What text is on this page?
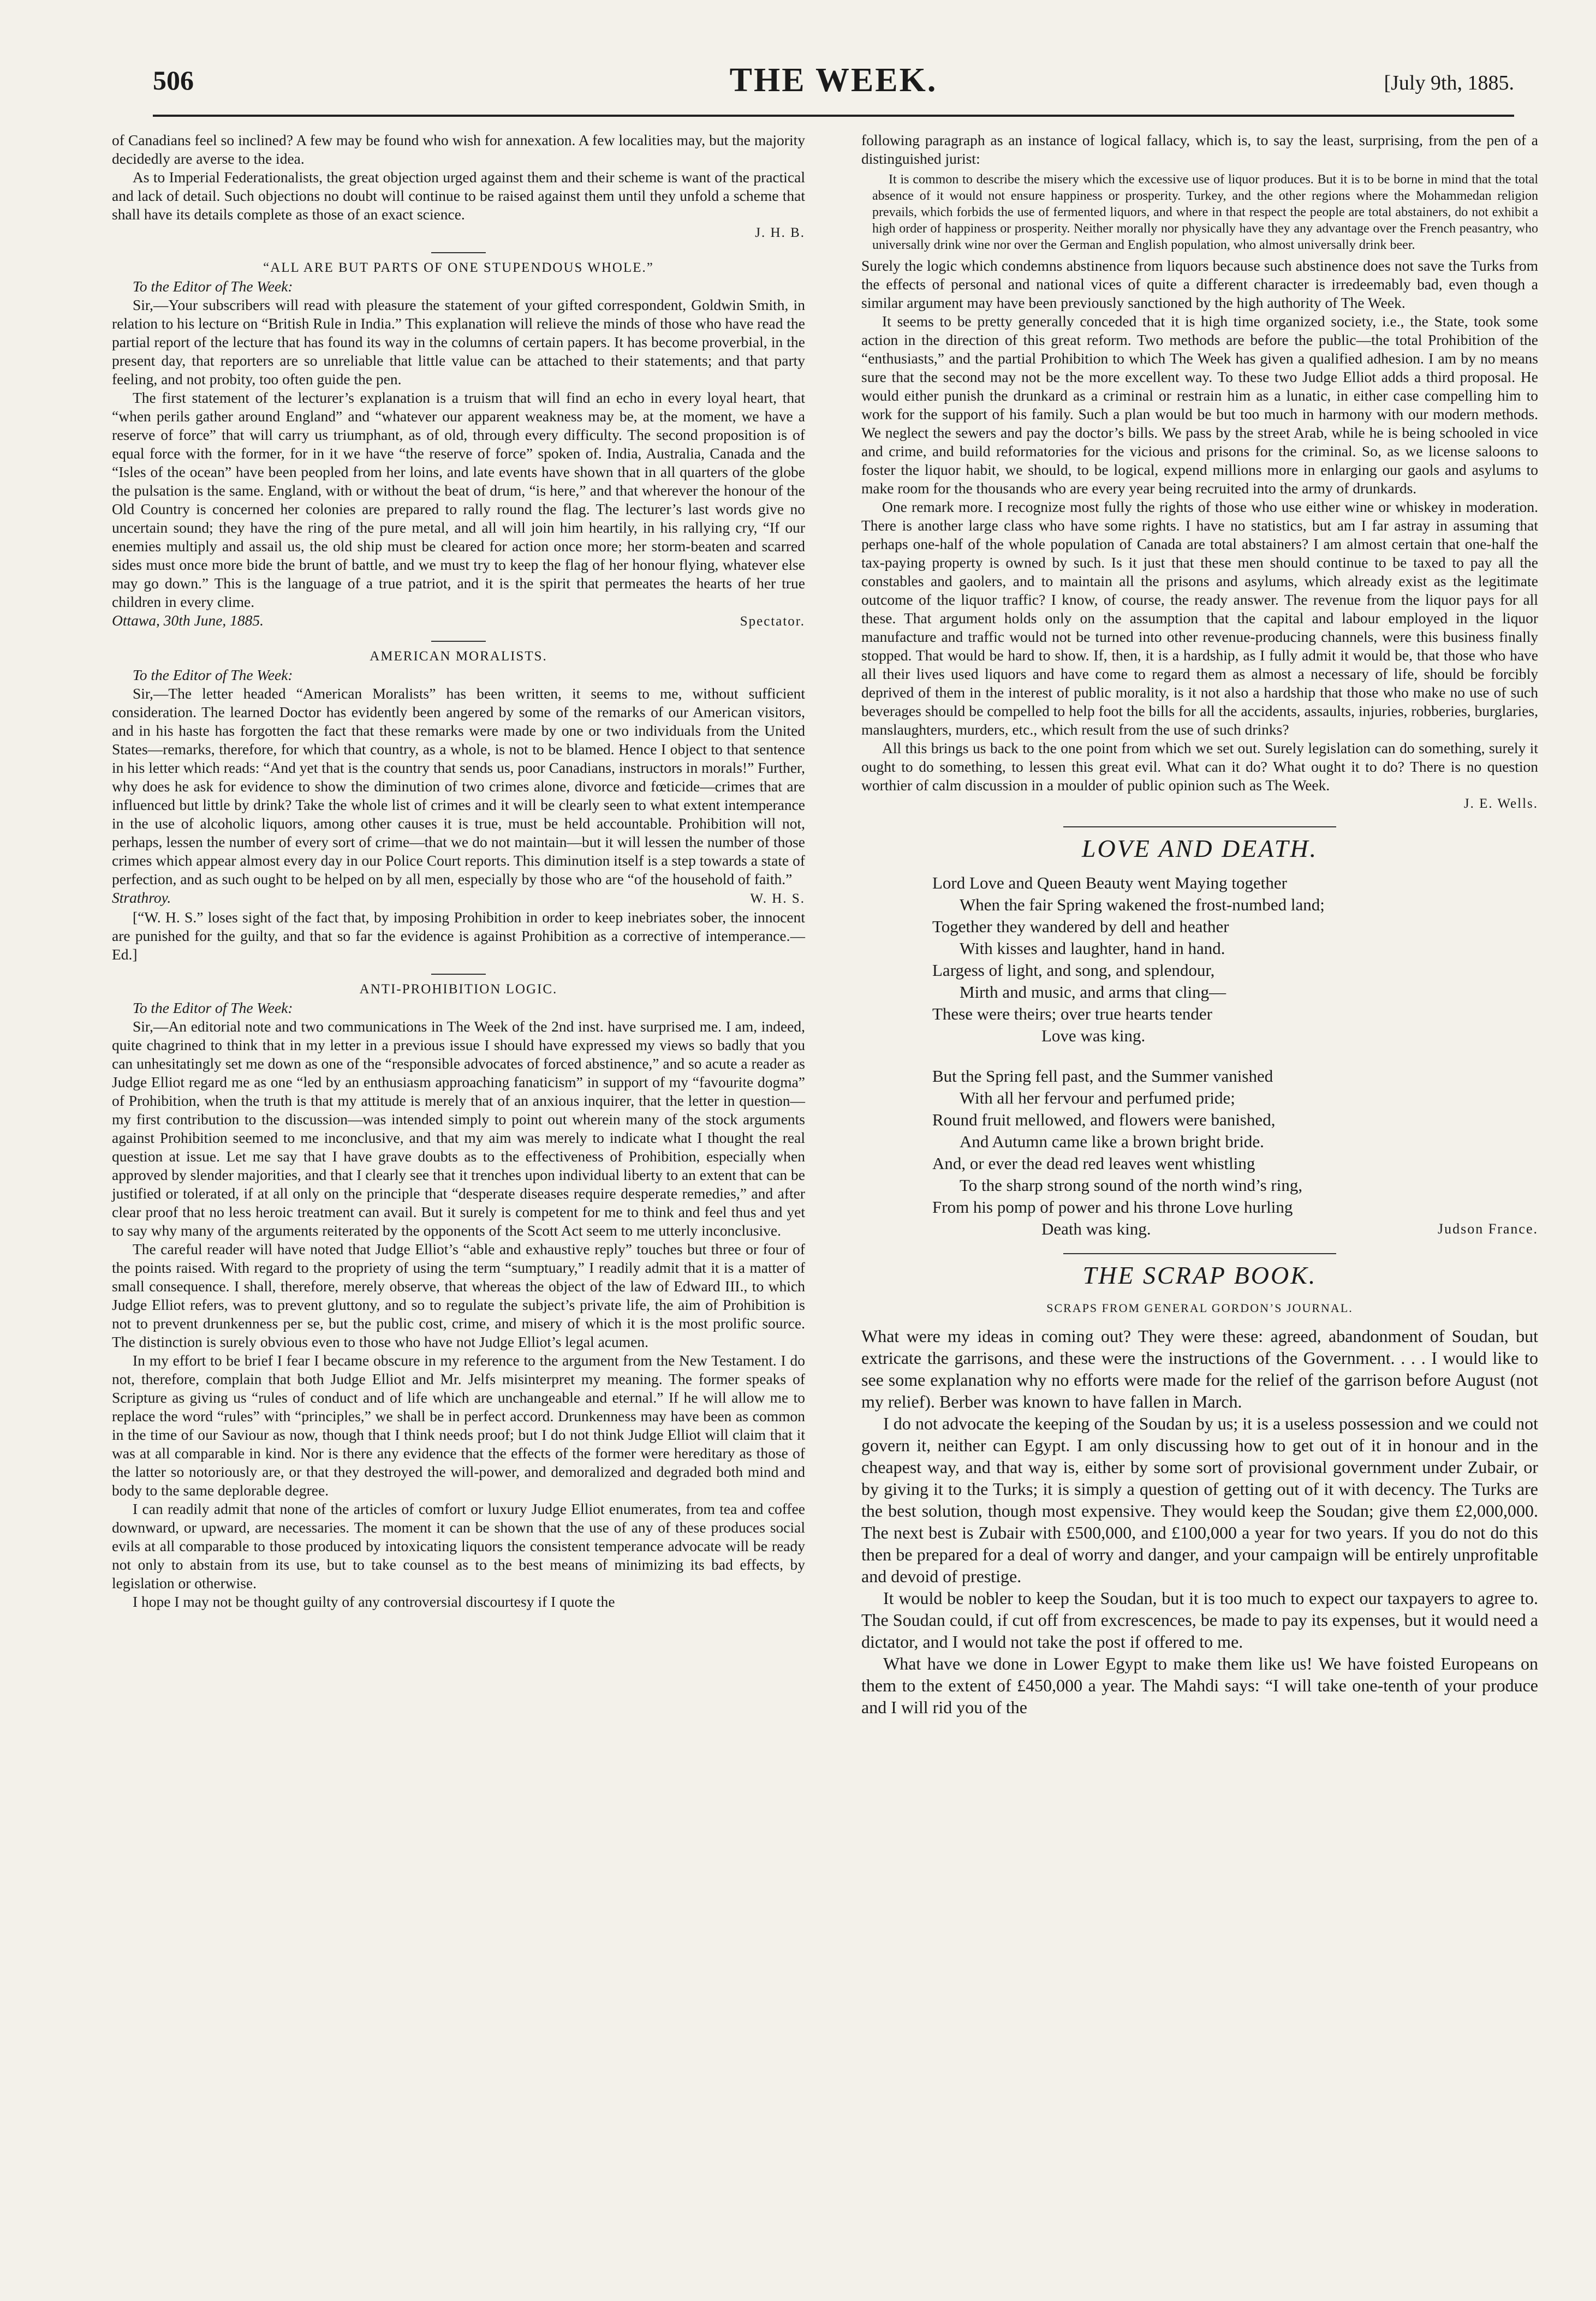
506	THE WEEK.	[July 9th, 1885.

of Canadians feel so inclined? A few may be found who wish for annexation. A few localities may, but the majority decidedly are averse to the idea.

As to Imperial Federationalists, the great objection urged against them and their scheme is want of the practical and lack of detail. Such objections no doubt will continue to be raised against them until they unfold a scheme that shall have its details complete as those of an exact science.

J. H. B.

“ALL ARE BUT PARTS OF ONE STUPENDOUS WHOLE.”

To the Editor of The Week:

Sir,—Your subscribers will read with pleasure the statement of your gifted correspondent, Goldwin Smith, in relation to his lecture on “British Rule in India.” This explanation will relieve the minds of those who have read the partial report of the lecture that has found its way in the columns of certain papers. It has become proverbial, in the present day, that reporters are so unreliable that little value can be attached to their statements; and that party feeling, and not probity, too often guide the pen.

The first statement of the lecturer’s explanation is a truism that will find an echo in every loyal heart, that “when perils gather around England” and “whatever our apparent weakness may be, at the moment, we have a reserve of force” that will carry us triumphant, as of old, through every difficulty. The second proposition is of equal force with the former, for in it we have “the reserve of force” spoken of. India, Australia, Canada and the “Isles of the ocean” have been peopled from her loins, and late events have shown that in all quarters of the globe the pulsation is the same. England, with or without the beat of drum, “is here,” and that wherever the honour of the Old Country is concerned her colonies are prepared to rally round the flag. The lecturer’s last words give no uncertain sound; they have the ring of the pure metal, and all will join him heartily, in his rallying cry, “If our enemies multiply and assail us, the old ship must be cleared for action once more; her storm-beaten and scarred sides must once more bide the brunt of battle, and we must try to keep the flag of her honour flying, whatever else may go down.” This is the language of a true patriot, and it is the spirit that permeates the hearts of her true children in every clime.

Ottawa, 30th June, 1885.	Spectator.

AMERICAN MORALISTS.

To the Editor of The Week:

Sir,—The letter headed “American Moralists” has been written, it seems to me, without sufficient consideration. The learned Doctor has evidently been angered by some of the remarks of our American visitors, and in his haste has forgotten the fact that these remarks were made by one or two individuals from the United States—remarks, therefore, for which that country, as a whole, is not to be blamed. Hence I object to that sentence in his letter which reads: “And yet that is the country that sends us, poor Canadians, instructors in morals!” Further, why does he ask for evidence to show the diminution of two crimes alone, divorce and fœticide—crimes that are influenced but little by drink? Take the whole list of crimes and it will be clearly seen to what extent intemperance in the use of alcoholic liquors, among other causes it is true, must be held accountable. Prohibition will not, perhaps, lessen the number of every sort of crime—that we do not maintain—but it will lessen the number of those crimes which appear almost every day in our Police Court reports. This diminution itself is a step towards a state of perfection, and as such ought to be helped on by all men, especially by those who are “of the household of faith.”

Strathroy.	W. H. S.

[“W. H. S.” loses sight of the fact that, by imposing Prohibition in order to keep inebriates sober, the innocent are punished for the guilty, and that so far the evidence is against Prohibition as a corrective of intemperance.—Ed.]

ANTI-PROHIBITION LOGIC.

To the Editor of The Week:

Sir,—An editorial note and two communications in The Week of the 2nd inst. have surprised me. I am, indeed, quite chagrined to think that in my letter in a previous issue I should have expressed my views so badly that you can unhesitatingly set me down as one of the “responsible advocates of forced abstinence,” and so acute a reader as Judge Elliot regard me as one “led by an enthusiasm approaching fanaticism” in support of my “favourite dogma” of Prohibition, when the truth is that my attitude is merely that of an anxious inquirer, that the letter in question—my first contribution to the discussion—was intended simply to point out wherein many of the stock arguments against Prohibition seemed to me inconclusive, and that my aim was merely to indicate what I thought the real question at issue. Let me say that I have grave doubts as to the effectiveness of Prohibition, especially when approved by slender majorities, and that I clearly see that it trenches upon individual liberty to an extent that can be justified or tolerated, if at all only on the principle that “desperate diseases require desperate remedies,” and after clear proof that no less heroic treatment can avail. But it surely is competent for me to think and feel thus and yet to say why many of the arguments reiterated by the opponents of the Scott Act seem to me utterly inconclusive.

The careful reader will have noted that Judge Elliot’s “able and exhaustive reply” touches but three or four of the points raised. With regard to the propriety of using the term “sumptuary,” I readily admit that it is a matter of small consequence. I shall, therefore, merely observe, that whereas the object of the law of Edward III., to which Judge Elliot refers, was to prevent gluttony, and so to regulate the subject’s private life, the aim of Prohibition is not to prevent drunkenness per se, but the public cost, crime, and misery of which it is the most prolific source. The distinction is surely obvious even to those who have not Judge Elliot’s legal acumen.

In my effort to be brief I fear I became obscure in my reference to the argument from the New Testament. I do not, therefore, complain that both Judge Elliot and Mr. Jelfs misinterpret my meaning. The former speaks of Scripture as giving us “rules of conduct and of life which are unchangeable and eternal.” If he will allow me to replace the word “rules” with “principles,” we shall be in perfect accord. Drunkenness may have been as common in the time of our Saviour as now, though that I think needs proof; but I do not think Judge Elliot will claim that it was at all comparable in kind. Nor is there any evidence that the effects of the former were hereditary as those of the latter so notoriously are, or that they destroyed the will-power, and demoralized and degraded both mind and body to the same deplorable degree.

I can readily admit that none of the articles of comfort or luxury Judge Elliot enumerates, from tea and coffee downward, or upward, are necessaries. The moment it can be shown that the use of any of these produces social evils at all comparable to those produced by intoxicating liquors the consistent temperance advocate will be ready not only to abstain from its use, but to take counsel as to the best means of minimizing its bad effects, by legislation or otherwise.

I hope I may not be thought guilty of any controversial discourtesy if I quote the

following paragraph as an instance of logical fallacy, which is, to say the least, surprising, from the pen of a distinguished jurist:

It is common to describe the misery which the excessive use of liquor produces. But it is to be borne in mind that the total absence of it would not ensure happiness or prosperity. Turkey, and the other regions where the Mohammedan religion prevails, which forbids the use of fermented liquors, and where in that respect the people are total abstainers, do not exhibit a high order of happiness or prosperity. Neither morally nor physically have they any advantage over the French peasantry, who universally drink wine nor over the German and English population, who almost universally drink beer.

Surely the logic which condemns abstinence from liquors because such abstinence does not save the Turks from the effects of personal and national vices of quite a different character is irredeemably bad, even though a similar argument may have been previously sanctioned by the high authority of The Week.

It seems to be pretty generally conceded that it is high time organized society, i.e., the State, took some action in the direction of this great reform. Two methods are before the public—the total Prohibition of the “enthusiasts,” and the partial Prohibition to which The Week has given a qualified adhesion. I am by no means sure that the second may not be the more excellent way. To these two Judge Elliot adds a third proposal. He would either punish the drunkard as a criminal or restrain him as a lunatic, in either case compelling him to work for the support of his family. Such a plan would be but too much in harmony with our modern methods. We neglect the sewers and pay the doctor’s bills. We pass by the street Arab, while he is being schooled in vice and crime, and build reformatories for the vicious and prisons for the criminal. So, as we license saloons to foster the liquor habit, we should, to be logical, expend millions more in enlarging our gaols and asylums to make room for the thousands who are every year being recruited into the army of drunkards.

One remark more. I recognize most fully the rights of those who use either wine or whiskey in moderation. There is another large class who have some rights. I have no statistics, but am I far astray in assuming that perhaps one-half of the whole population of Canada are total abstainers? I am almost certain that one-half the tax-paying property is owned by such. Is it just that these men should continue to be taxed to pay all the constables and gaolers, and to maintain all the prisons and asylums, which already exist as the legitimate outcome of the liquor traffic? I know, of course, the ready answer. The revenue from the liquor pays for all these. That argument holds only on the assumption that the capital and labour employed in the liquor manufacture and traffic would not be turned into other revenue-producing channels, were this business finally stopped. That would be hard to show. If, then, it is a hardship, as I fully admit it would be, that those who have all their lives used liquors and have come to regard them as almost a necessary of life, should be forcibly deprived of them in the interest of public morality, is it not also a hardship that those who make no use of such beverages should be compelled to help foot the bills for all the accidents, assaults, injuries, robberies, burglaries, manslaughters, murders, etc., which result from the use of such drinks?

All this brings us back to the one point from which we set out. Surely legislation can do something, surely it ought to do something, to lessen this great evil. What can it do? What ought it to do? There is no question worthier of calm discussion in a moulder of public opinion such as The Week.

J. E. Wells.

LOVE AND DEATH.
Lord Love and Queen Beauty went Maying together
When the fair Spring wakened the frost-numbed land;
Together they wandered by dell and heather
With kisses and laughter, hand in hand.
Largess of light, and song, and splendour,
Mirth and music, and arms that cling—
These were theirs; over true hearts tender
Love was king.
But the Spring fell past, and the Summer vanished
With all her fervour and perfumed pride;
Round fruit mellowed, and flowers were banished,
And Autumn came like a brown bright bride.
And, or ever the dead red leaves went whistling
To the sharp strong sound of the north wind’s ring,
From his pomp of power and his throne Love hurling
Death was king.	Judson France.
THE SCRAP BOOK.
SCRAPS FROM GENERAL GORDON’S JOURNAL.

What were my ideas in coming out? They were these: agreed, abandonment of Soudan, but extricate the garrisons, and these were the instructions of the Government. . . . I would like to see some explanation why no efforts were made for the relief of the garrison before August (not my relief). Berber was known to have fallen in March.

I do not advocate the keeping of the Soudan by us; it is a useless possession and we could not govern it, neither can Egypt. I am only discussing how to get out of it in honour and in the cheapest way, and that way is, either by some sort of provisional government under Zubair, or by giving it to the Turks; it is simply a question of getting out of it with decency. The Turks are the best solution, though most expensive. They would keep the Soudan; give them £2,000,000. The next best is Zubair with £500,000, and £100,000 a year for two years. If you do not do this then be prepared for a deal of worry and danger, and your campaign will be entirely unprofitable and devoid of prestige.

It would be nobler to keep the Soudan, but it is too much to expect our taxpayers to agree to. The Soudan could, if cut off from excrescences, be made to pay its expenses, but it would need a dictator, and I would not take the post if offered to me.

What have we done in Lower Egypt to make them like us! We have foisted Europeans on them to the extent of £450,000 a year. The Mahdi says: “I will take one-tenth of your produce and I will rid you of the
